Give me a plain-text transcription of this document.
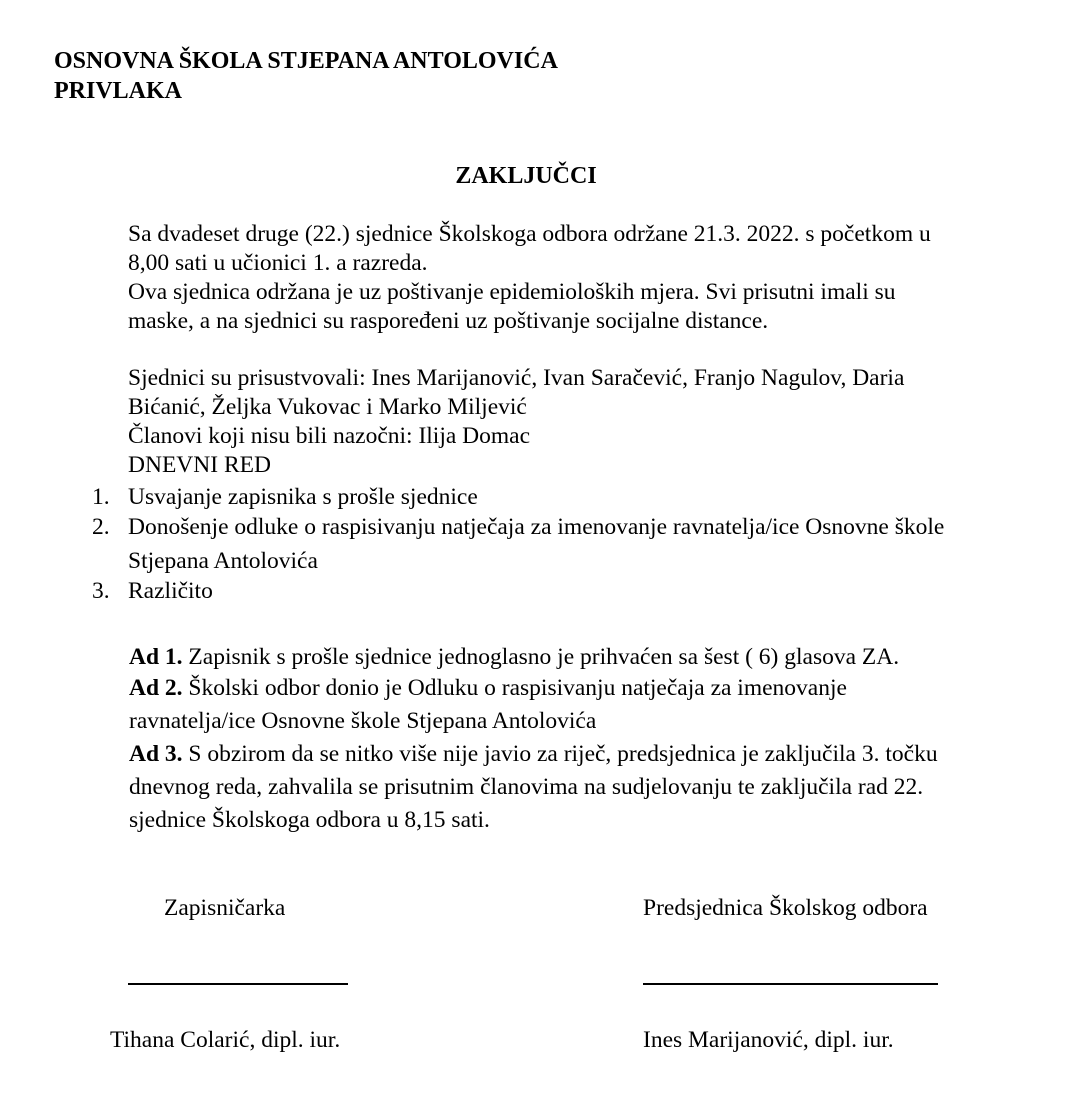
OSNOVNA ŠKOLA STJEPANA ANTOLOVIĆA
PRIVLAKA
ZAKLJUČCI
Sa dvadeset druge (22.) sjednice Školskoga odbora održane 21.3. 2022. s početkom u
8,00 sati u učionici 1. a razreda.
Ova sjednica održana je uz poštivanje epidemioloških mjera. Svi prisutni imali su
maske, a na sjednici su raspoređeni uz poštivanje socijalne distance.
Sjednici su prisustvovali: Ines Marijanović, Ivan Saračević, Franjo Nagulov, Daria
Bićanić, Željka Vukovac i Marko Miljević
Članovi koji nisu bili nazočni: Ilija Domac
DNEVNI RED
1. Usvajanje zapisnika s prošle sjednice
2. Donošenje odluke o raspisivanju natječaja za imenovanje ravnatelja/ice Osnovne škole
Stjepana Antolovića
3. Različito
Ad 1. Zapisnik s prošle sjednice jednoglasno je prihvaćen sa šest ( 6) glasova ZA.
Ad 2. Školski odbor donio je Odluku o raspisivanju natječaja za imenovanje
ravnatelja/ice Osnovne škole Stjepana Antolovića
Ad 3. S obzirom da se nitko više nije javio za riječ, predsjednica je zaključila 3. točku
dnevnog reda, zahvalila se prisutnim članovima na sudjelovanju te zaključila rad 22.
sjednice Školskoga odbora u 8,15 sati.
Zapisničarka	Predsjednica Školskog odbora
Tihana Colarić, dipl. iur.	Ines Marijanović, dipl. iur.
